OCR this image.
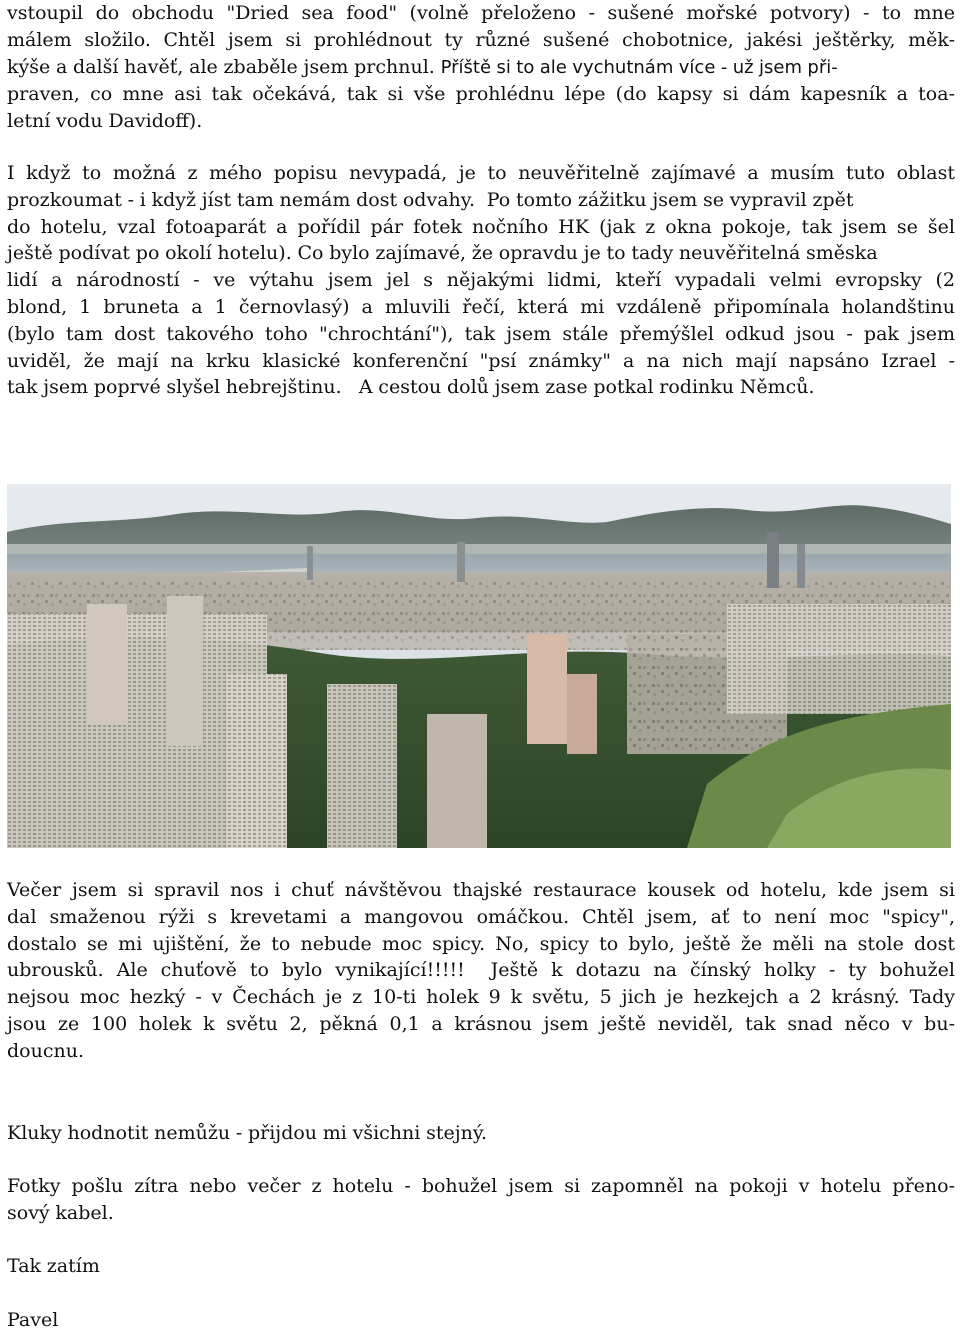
vstoupil do obchodu "Dried sea food" (volně přeloženo - sušené mořské potvory) - to mne
málem složilo. Chtěl jsem si prohlédnout ty různé sušené chobotnice, jakési ještěrky, měk-
kýše a další havěť, ale zbaběle jsem prchnul. Příště si to ale vychutnám více - už jsem při-
praven, co mne asi tak očekává, tak si vše prohlédnu lépe (do kapsy si dám kapesník a toa-
letní vodu Davidoff).

I když to možná z mého popisu nevypadá, je to neuvěřitelně zajímavé a musím tuto oblast
prozkoumat - i když jíst tam nemám dost odvahy. Po tomto zážitku jsem se vypravil zpět
do hotelu, vzal fotoaparát a pořídil pár fotek nočního HK (jak z okna pokoje, tak jsem se šel
ještě podívat po okolí hotelu). Co bylo zajímavé, že opravdu je to tady neuvěřitelná směska
lidí a národností - ve výtahu jsem jel s nějakými lidmi, kteří vypadali velmi evropsky (2
blond, 1 bruneta a 1 černovlasý) a mluvili řečí, která mi vzdáleně připomínala holandštinu
(bylo tam dost takového toho "chrochtání"), tak jsem stále přemýšlel odkud jsou - pak jsem
uviděl, že mají na krku klasické konferenční "psí známky" a na nich mají napsáno Izrael -
tak jsem poprvé slyšel hebrejštinu.   A cestou dolů jsem zase potkal rodinku Němců.

Večer jsem si spravil nos i chuť návštěvou thajské restaurace kousek od hotelu, kde jsem si
dal smaženou rýži s krevetami a mangovou omáčkou. Chtěl jsem, ať to není moc "spicy",
dostalo se mi ujištění, že to nebude moc spicy. No, spicy to bylo, ještě že měli na stole dost
ubrousků. Ale chuťově to bylo vynikající!!!!!  Ještě k dotazu na čínský holky - ty bohužel
nejsou moc hezký - v Čechách je z 10-ti holek 9 k světu, 5 jich je hezkejch a 2 krásný. Tady
jsou ze 100 holek k světu 2, pěkná 0,1 a krásnou jsem ještě neviděl, tak snad něco v bu-
doucnu.

Kluky hodnotit nemůžu - přijdou mi všichni stejný.

Fotky pošlu zítra nebo večer z hotelu - bohužel jsem si zapomněl na pokoji v hotelu přeno-
sový kabel.

Tak zatím

Pavel
